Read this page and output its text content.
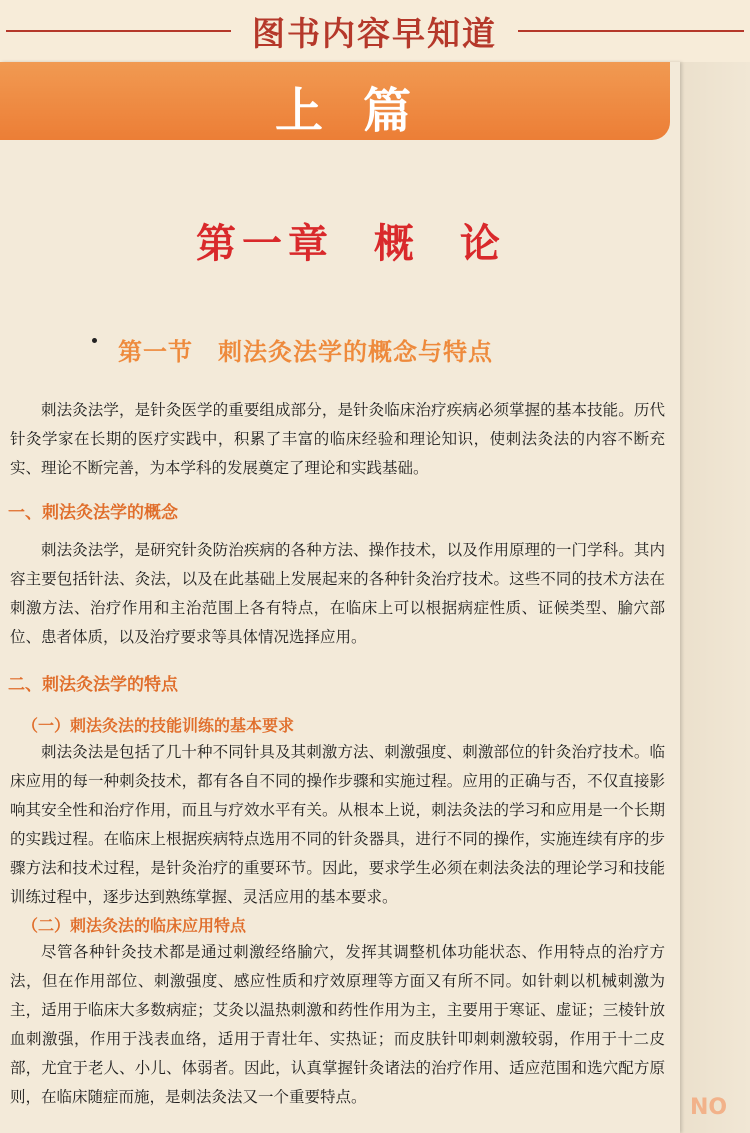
图书内容早知道
上篇
第一章 概 论
第一节　刺法灸法学的概念与特点
刺法灸法学，是针灸医学的重要组成部分，是针灸临床治疗疾病必须掌握的基本技能。历代针灸学家在长期的医疗实践中，积累了丰富的临床经验和理论知识，使刺法灸法的内容不断充实、理论不断完善，为本学科的发展奠定了理论和实践基础。
一、刺法灸法学的概念
刺法灸法学，是研究针灸防治疾病的各种方法、操作技术，以及作用原理的一门学科。其内容主要包括针法、灸法，以及在此基础上发展起来的各种针灸治疗技术。这些不同的技术方法在刺激方法、治疗作用和主治范围上各有特点，在临床上可以根据病症性质、证候类型、腧穴部位、患者体质，以及治疗要求等具体情况选择应用。
二、刺法灸法学的特点
（一）刺法灸法的技能训练的基本要求
刺法灸法是包括了几十种不同针具及其刺激方法、刺激强度、刺激部位的针灸治疗技术。临床应用的每一种刺灸技术，都有各自不同的操作步骤和实施过程。应用的正确与否，不仅直接影响其安全性和治疗作用，而且与疗效水平有关。从根本上说，刺法灸法的学习和应用是一个长期的实践过程。在临床上根据疾病特点选用不同的针灸器具，进行不同的操作，实施连续有序的步骤方法和技术过程，是针灸治疗的重要环节。因此，要求学生必须在刺法灸法的理论学习和技能训练过程中，逐步达到熟练掌握、灵活应用的基本要求。
（二）刺法灸法的临床应用特点
尽管各种针灸技术都是通过刺激经络腧穴，发挥其调整机体功能状态、作用特点的治疗方法，但在作用部位、刺激强度、感应性质和疗效原理等方面又有所不同。如针刺以机械刺激为主，适用于临床大多数病症；艾灸以温热刺激和药性作用为主，主要用于寒证、虚证；三棱针放血刺激强，作用于浅表血络，适用于青壮年、实热证；而皮肤针叩刺刺激较弱，作用于十二皮部，尤宜于老人、小儿、体弱者。因此，认真掌握针灸诸法的治疗作用、适应范围和选穴配方原则，在临床随症而施，是刺法灸法又一个重要特点。	NO
